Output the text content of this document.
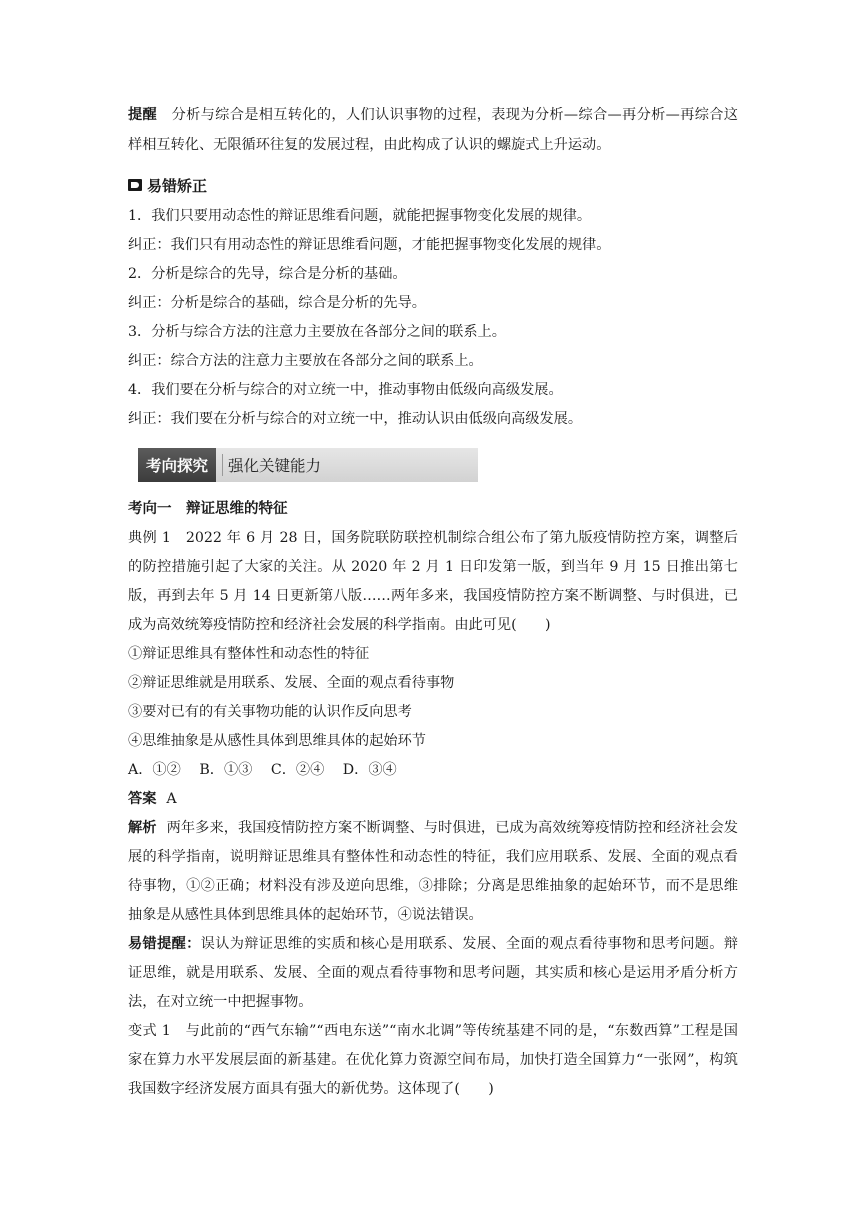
提醒　 分析与综合是相互转化的，人们认识事物的过程，表现为分析—综合—再分析—再综合这样相互转化、无限循环往复的发展过程，由此构成了认识的螺旋式上升运动。

易错矫正

1．我们只要用动态性的辩证思维看问题，就能把握事物变化发展的规律。

纠正：我们只有用动态性的辩证思维看问题，才能把握事物变化发展的规律。

2．分析是综合的先导，综合是分析的基础。

纠正：分析是综合的基础，综合是分析的先导。

3．分析与综合方法的注意力主要放在各部分之间的联系上。

纠正：综合方法的注意力主要放在各部分之间的联系上。

4．我们要在分析与综合的对立统一中，推动事物由低级向高级发展。

纠正：我们要在分析与综合的对立统一中，推动认识由低级向高级发展。

考向探究	强化关键能力
考向一　辩证思维的特征

典例 1　2022 年 6 月 28 日，国务院联防联控机制综合组公布了第九版疫情防控方案，调整后的防控措施引起了大家的关注。从 2020 年 2 月 1 日印发第一版，到当年 9 月 15 日推出第七版，再到去年 5 月 14 日更新第八版……两年多来，我国疫情防控方案不断调整、与时俱进，已成为高效统筹疫情防控和经济社会发展的科学指南。由此可见(　　)

①辩证思维具有整体性和动态性的特征

②辩证思维就是用联系、发展、全面的观点看待事物

③要对已有的有关事物功能的认识作反向思考

④思维抽象是从感性具体到思维具体的起始环节

A．①② B．①③ C．②④ D．③④

答案 A

解析 两年多来，我国疫情防控方案不断调整、与时俱进，已成为高效统筹疫情防控和经济社会发展的科学指南，说明辩证思维具有整体性和动态性的特征，我们应用联系、发展、全面的观点看待事物，①②正确；材料没有涉及逆向思维，③排除；分离是思维抽象的起始环节，而不是思维抽象是从感性具体到思维具体的起始环节，④说法错误。

易错提醒：误认为辩证思维的实质和核心是用联系、发展、全面的观点看待事物和思考问题。辩证思维，就是用联系、发展、全面的观点看待事物和思考问题，其实质和核心是运用矛盾分析方法，在对立统一中把握事物。

变式 1　与此前的“西气东输”“西电东送”“南水北调”等传统基建不同的是，“东数西算”工程是国家在算力水平发展层面的新基建。在优化算力资源空间布局，加快打造全国算力“一张网”，构筑我国数字经济发展方面具有强大的新优势。这体现了(　　)
